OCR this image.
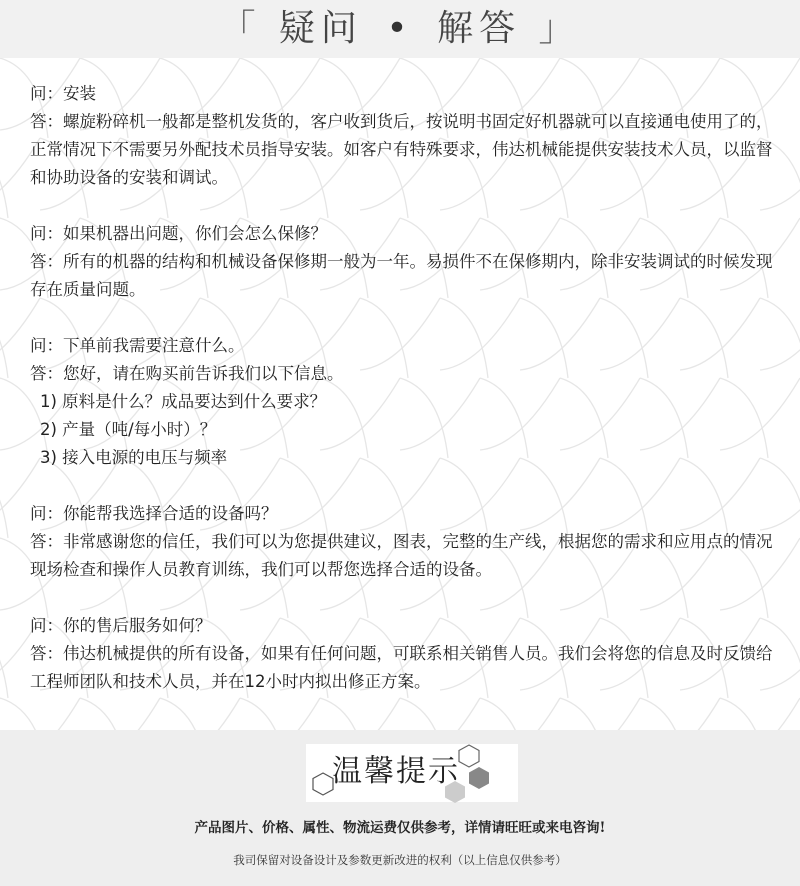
「 疑问 • 解答 」
问：安装
答：螺旋粉碎机一般都是整机发货的，客户收到货后，按说明书固定好机器就可以直接通电使用了的，正常情况下不需要另外配技术员指导安装。如客户有特殊要求，伟达机械能提供安装技术人员，以监督和协助设备的安装和调试。
问：如果机器出问题，你们会怎么保修？
答：所有的机器的结构和机械设备保修期一般为一年。易损件不在保修期内，除非安装调试的时候发现存在质量问题。
问：下单前我需要注意什么。
答：您好，请在购买前告诉我们以下信息。
1) 原料是什么？成品要达到什么要求？
2) 产量（吨/每小时）？
3) 接入电源的电压与频率
问：你能帮我选择合适的设备吗？
答：非常感谢您的信任，我们可以为您提供建议，图表，完整的生产线，根据您的需求和应用点的情况现场检查和操作人员教育训练，我们可以帮您选择合适的设备。
问：你的售后服务如何？
答：伟达机械提供的所有设备，如果有任何问题，可联系相关销售人员。我们会将您的信息及时反馈给工程师团队和技术人员，并在12小时内拟出修正方案。
温馨提示
产品图片、价格、属性、物流运费仅供参考，详情请旺旺或来电咨询!
我司保留对设备设计及参数更新改进的权利（以上信息仅供参考）
